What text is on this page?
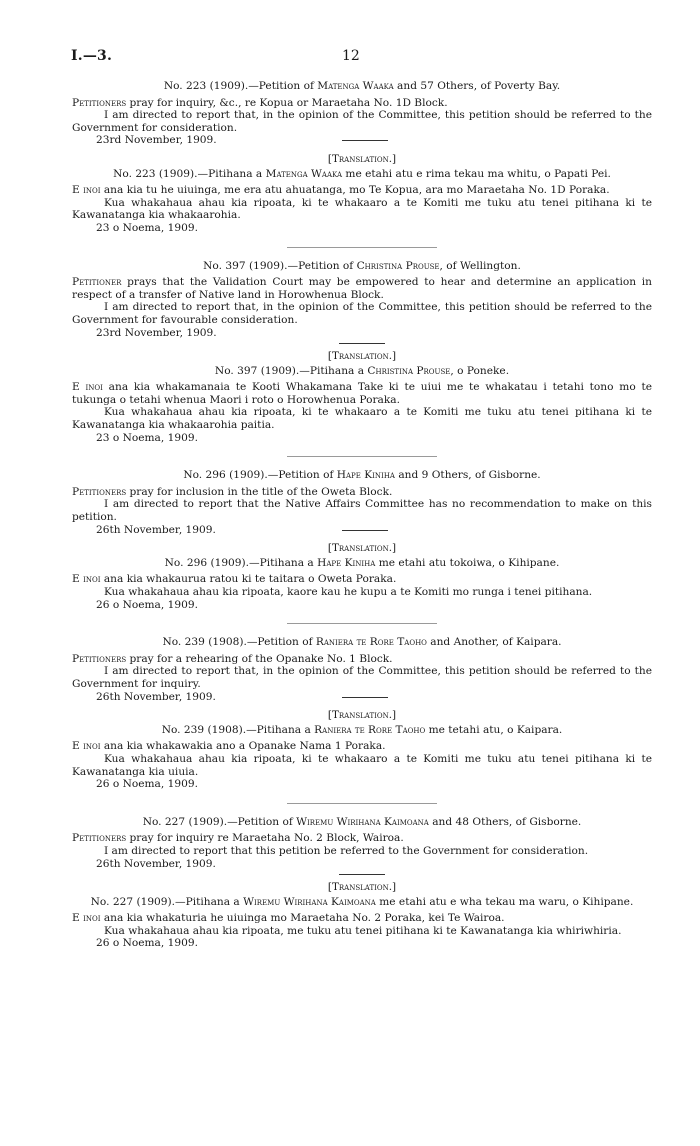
I.—3.	12
No. 223 (1909).—Petition of Matenga Waaka and 57 Others, of Poverty Bay.

Petitioners pray for inquiry, &c., re Kopua or Maraetaha No. 1D Block.

I am directed to report that, in the opinion of the Committee, this petition should be referred to the Government for consideration.

23rd November, 1909.

[Translation.]
No. 223 (1909).—Pitihana a Matenga Waaka me etahi atu e rima tekau ma whitu, o Papati Pei.

E inoi ana kia tu he uiuinga, me era atu ahuatanga, mo Te Kopua, ara mo Maraetaha No. 1D Poraka.

Kua whakahaua ahau kia ripoata, ki te whakaaro a te Komiti me tuku atu tenei pitihana ki te Kawanatanga kia whakaarohia.

23 o Noema, 1909.

No. 397 (1909).—Petition of Christina Prouse, of Wellington.

Petitioner prays that the Validation Court may be empowered to hear and determine an application in respect of a transfer of Native land in Horowhenua Block.

I am directed to report that, in the opinion of the Committee, this petition should be referred to the Government for favourable consideration.

23rd November, 1909.

[Translation.]
No. 397 (1909).—Pitihana a Christina Prouse, o Poneke.

E inoi ana kia whakamanaia te Kooti Whakamana Take ki te uiui me te whakatau i tetahi tono mo te tukunga o tetahi whenua Maori i roto o Horowhenua Poraka.

Kua whakahaua ahau kia ripoata, ki te whakaaro a te Komiti me tuku atu tenei pitihana ki te Kawanatanga kia whakaarohia paitia.

23 o Noema, 1909.

No. 296 (1909).—Petition of Hape Kiniha and 9 Others, of Gisborne.

Petitioners pray for inclusion in the title of the Oweta Block.

I am directed to report that the Native Affairs Committee has no recommendation to make on this petition.

26th November, 1909.

[Translation.]
No. 296 (1909).—Pitihana a Hape Kiniha me etahi atu tokoiwa, o Kihipane.

E inoi ana kia whakaurua ratou ki te taitara o Oweta Poraka.

Kua whakahaua ahau kia ripoata, kaore kau he kupu a te Komiti mo runga i tenei pitihana.

26 o Noema, 1909.

No. 239 (1908).—Petition of Raniera te Rore Taoho and Another, of Kaipara.

Petitioners pray for a rehearing of the Opanake No. 1 Block.

I am directed to report that, in the opinion of the Committee, this petition should be referred to the Government for inquiry.

26th November, 1909.

[Translation.]
No. 239 (1908).—Pitihana a Raniera te Rore Taoho me tetahi atu, o Kaipara.

E inoi ana kia whakawakia ano a Opanake Nama 1 Poraka.

Kua whakahaua ahau kia ripoata, ki te whakaaro a te Komiti me tuku atu tenei pitihana ki te Kawanatanga kia uiuia.

26 o Noema, 1909.

No. 227 (1909).—Petition of Wiremu Wirihana Kaimoana and 48 Others, of Gisborne.

Petitioners pray for inquiry re Maraetaha No. 2 Block, Wairoa.

I am directed to report that this petition be referred to the Government for consideration.

26th November, 1909.

[Translation.]
No. 227 (1909).—Pitihana a Wiremu Wirihana Kaimoana me etahi atu e wha tekau ma waru, o Kihipane.

E inoi ana kia whakaturia he uiuinga mo Maraetaha No. 2 Poraka, kei Te Wairoa.

Kua whakahaua ahau kia ripoata, me tuku atu tenei pitihana ki te Kawanatanga kia whiriwhiria.

26 o Noema, 1909.
